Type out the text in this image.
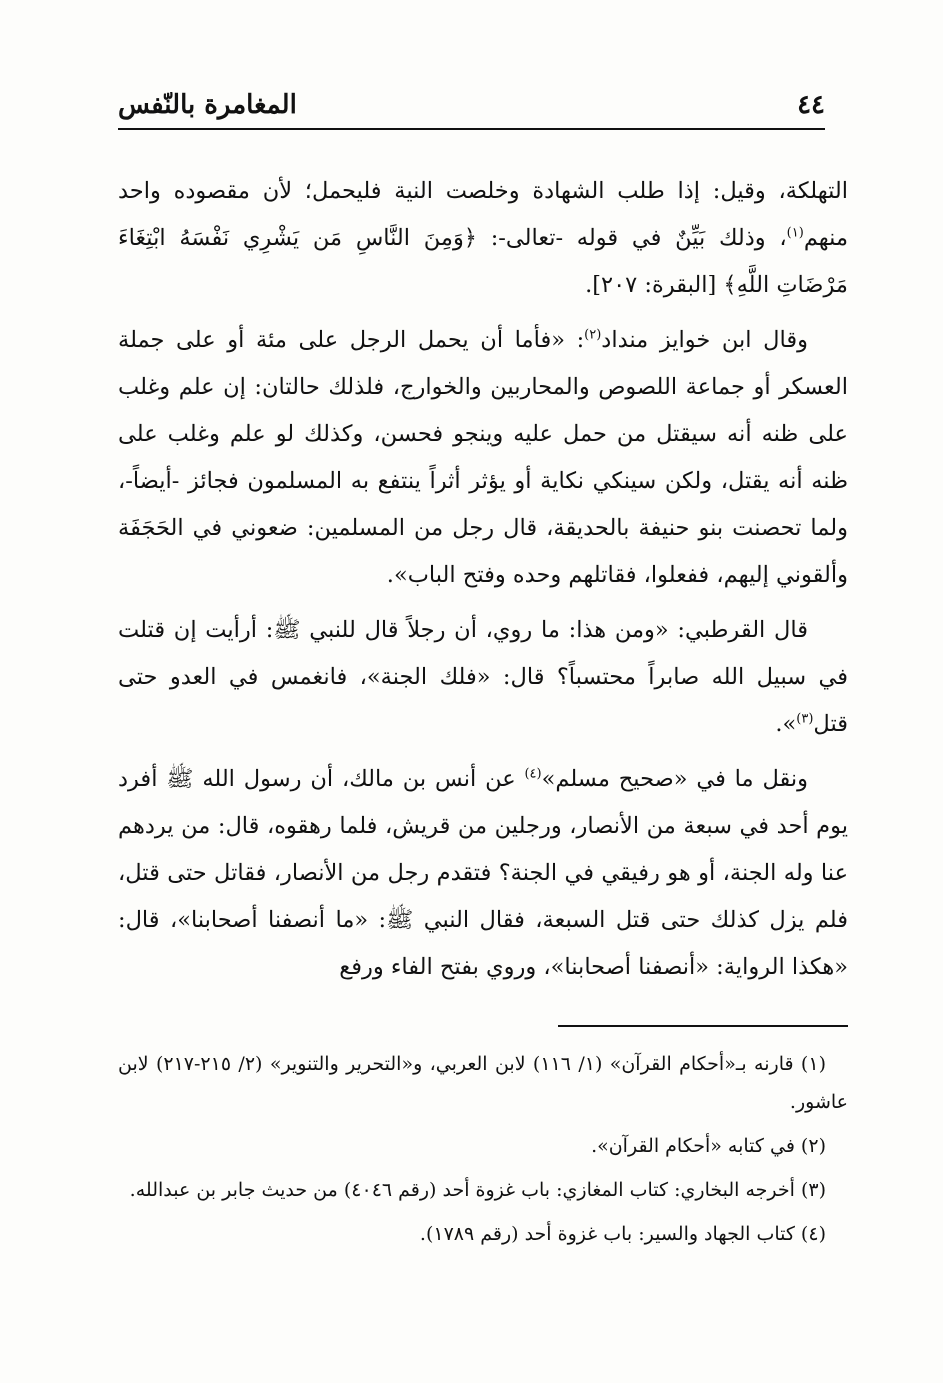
٤٤
المغامرة بالنّفس

التهلكة، وقيل: إذا طلب الشهادة وخلصت النية فليحمل؛ لأن مقصوده واحد منهم$^{(١)}$، وذلك بَيِّنٌ في قوله -تعالى-: ﴿وَمِنَ النَّاسِ مَن يَشْرِي نَفْسَهُ ابْتِغَاءَ مَرْضَاتِ اللَّهِ﴾ [البقرة: ٢٠٧].

وقال ابن خوايز منداد$^{(٢)}$: «فأما أن يحمل الرجل على مئة أو على جملة العسكر أو جماعة اللصوص والمحاربين والخوارج، فلذلك حالتان: إن علم وغلب على ظنه أنه سيقتل من حمل عليه وينجو فحسن، وكذلك لو علم وغلب على ظنه أنه يقتل، ولكن سينكي نكاية أو يؤثر أثراً ينتفع به المسلمون فجائز -أيضاً-، ولما تحصنت بنو حنيفة بالحديقة، قال رجل من المسلمين: ضعوني في الحَجَفَة وألقوني إليهم، ففعلوا، فقاتلهم وحده وفتح الباب».

قال القرطبي: «ومن هذا: ما روي، أن رجلاً قال للنبي ﷺ: أرأيت إن قتلت في سبيل الله صابراً محتسباً؟ قال: «فلك الجنة»، فانغمس في العدو حتى قتل$^{(٣)}$».

ونقل ما في «صحيح مسلم»$^{(٤)}$ عن أنس بن مالك، أن رسول الله ﷺ أفرد يوم أحد في سبعة من الأنصار، ورجلين من قريش، فلما رهقوه، قال: من يردهم عنا وله الجنة، أو هو رفيقي في الجنة؟ فتقدم رجل من الأنصار، فقاتل حتى قتل، فلم يزل كذلك حتى قتل السبعة، فقال النبي ﷺ: «ما أنصفنا أصحابنا»، قال: «هكذا الرواية: «أنصفنا أصحابنا»، وروي بفتح الفاء ورفع

(١) قارنه بـ«أحكام القرآن» (١/ ١١٦) لابن العربي، و«التحرير والتنوير» (٢/ ٢١٥-٢١٧) لابن عاشور.

(٢) في كتابه «أحكام القرآن».

(٣) أخرجه البخاري: كتاب المغازي: باب غزوة أحد (رقم ٤٠٤٦) من حديث جابر بن عبدالله.

(٤) كتاب الجهاد والسير: باب غزوة أحد (رقم ١٧٨٩).
